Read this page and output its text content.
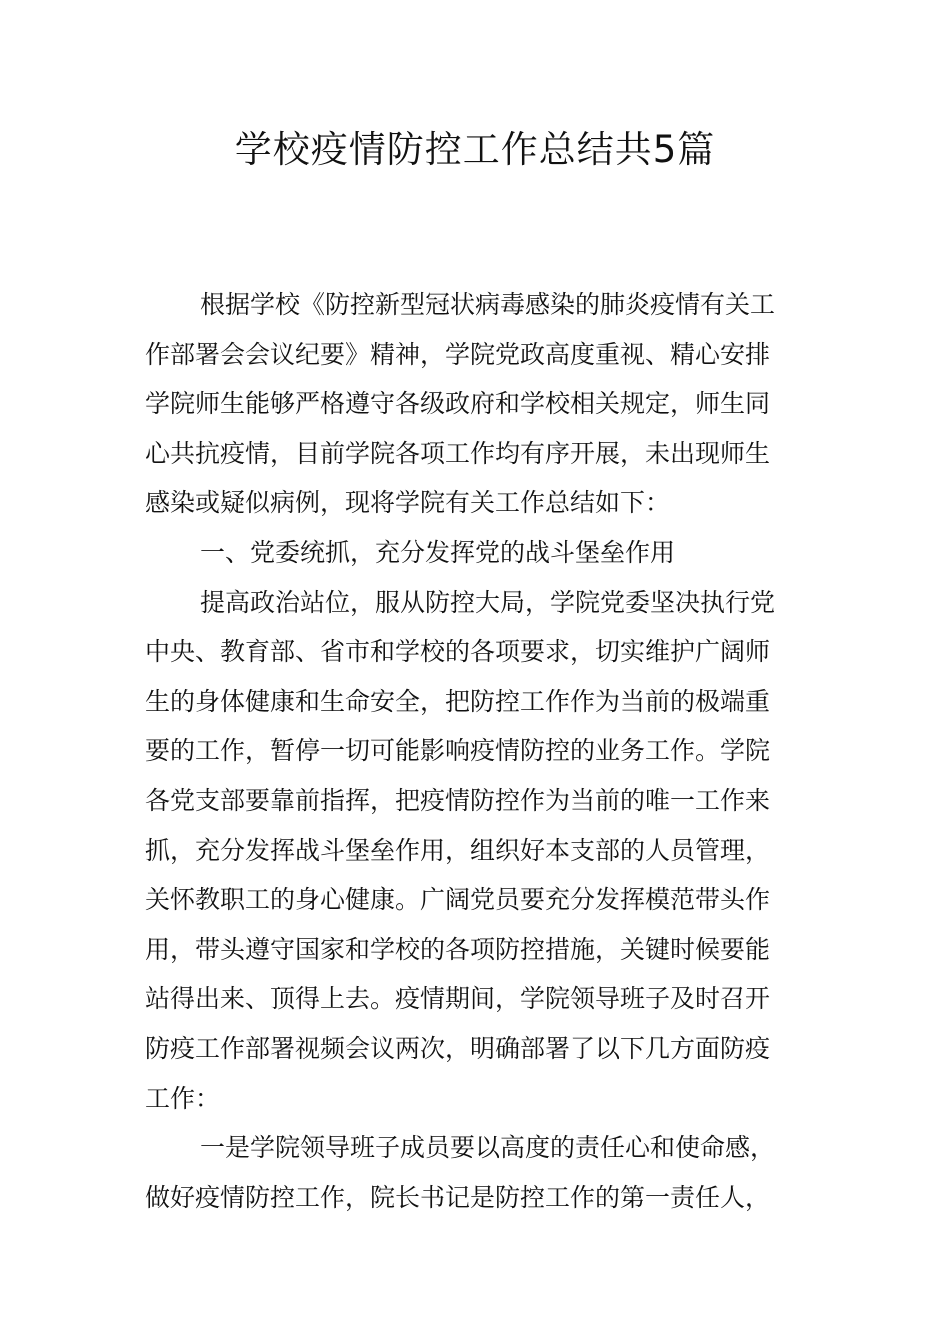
学校疫情防控工作总结共5篇
根据学校《防控新型冠状病毒感染的肺炎疫情有关工
作部署会会议纪要》精神，学院党政高度重视、精心安排
学院师生能够严格遵守各级政府和学校相关规定，师生同
心共抗疫情，目前学院各项工作均有序开展，未出现师生
感染或疑似病例，现将学院有关工作总结如下：
一、党委统抓，充分发挥党的战斗堡垒作用
提高政治站位，服从防控大局，学院党委坚决执行党
中央、教育部、省市和学校的各项要求，切实维护广阔师
生的身体健康和生命安全，把防控工作作为当前的极端重
要的工作，暂停一切可能影响疫情防控的业务工作。学院
各党支部要靠前指挥，把疫情防控作为当前的唯一工作来
抓，充分发挥战斗堡垒作用，组织好本支部的人员管理，
关怀教职工的身心健康。广阔党员要充分发挥模范带头作
用，带头遵守国家和学校的各项防控措施，关键时候要能
站得出来、顶得上去。疫情期间，学院领导班子及时召开
防疫工作部署视频会议两次，明确部署了以下几方面防疫
工作：
一是学院领导班子成员要以高度的责任心和使命感，
做好疫情防控工作，院长书记是防控工作的第一责任人，
